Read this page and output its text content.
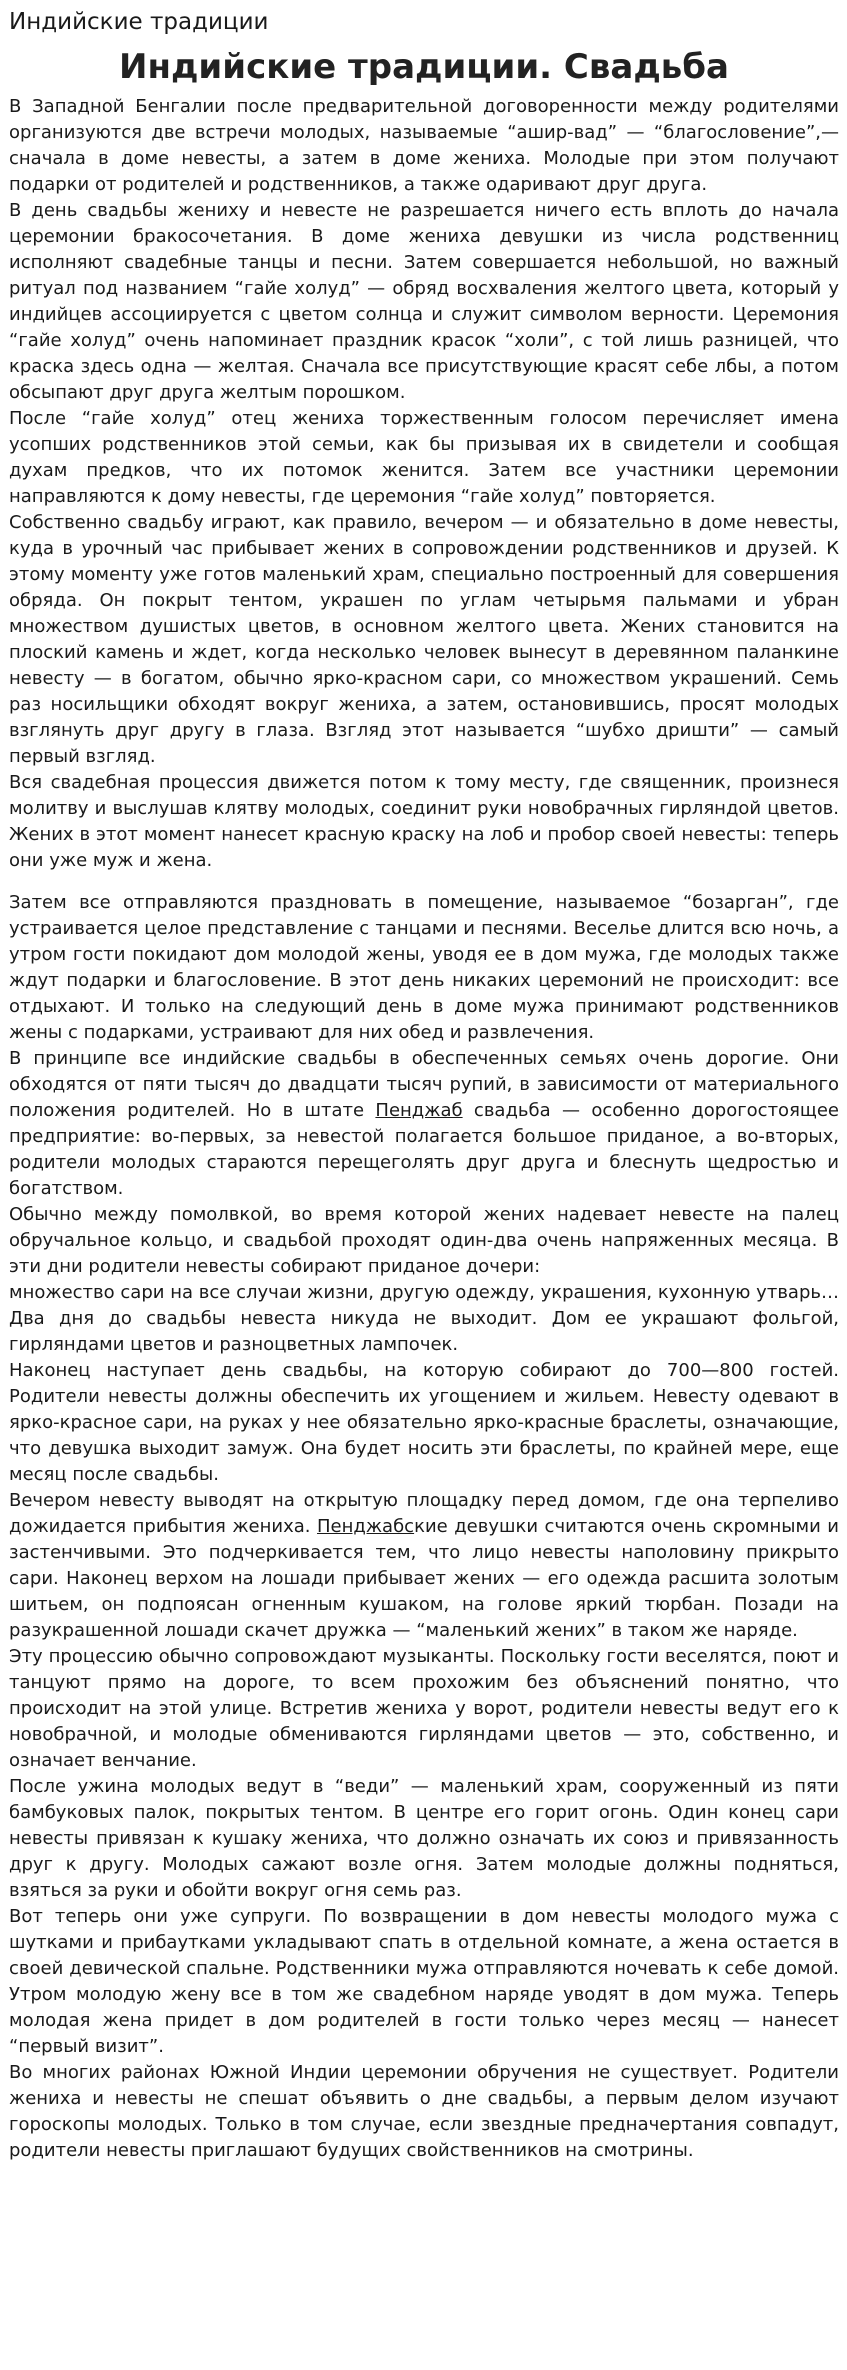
Индийские традиции
Индийские традиции. Свадьба

В Западной Бенгалии после предварительной договоренности между родителями организуются две встречи молодых, называемые “ашир-вад” — “благословение”,—сначала в доме невесты, а затем в доме жениха. Молодые при этом получают подарки от родителей и родственников, а также одаривают друг друга.

В день свадьбы жениху и невесте не разрешается ничего есть вплоть до начала церемонии бракосочетания. В доме жениха девушки из числа родственниц исполняют свадебные танцы и песни. Затем совершается небольшой, но важный ритуал под названием “гайе холуд” — обряд восхваления желтого цвета, который у индийцев ассоциируется с цветом солнца и служит символом верности. Церемония “гайе холуд” очень напоминает праздник красок “холи”, с той лишь разницей, что краска здесь одна — желтая. Сначала все присутствующие красят себе лбы, а потом обсыпают друг друга желтым порошком.

После “гайе холуд” отец жениха торжественным голосом перечисляет имена усопших родственников этой семьи, как бы призывая их в свидетели и сообщая духам предков, что их потомок женится. Затем все участники церемонии направляются к дому невесты, где церемония “гайе холуд” повторяется.

Собственно свадьбу играют, как правило, вечером — и обязательно в доме невесты, куда в урочный час прибывает жених в сопровождении родственников и друзей. К этому моменту уже готов маленький храм, специально построенный для совершения обряда. Он покрыт тентом, украшен по углам четырьмя пальмами и убран множеством душистых цветов, в основном желтого цвета. Жених становится на плоский камень и ждет, когда несколько человек вынесут в деревянном паланкине невесту — в богатом, обычно ярко-красном сари, со множеством украшений. Семь раз носильщики обходят вокруг жениха, а затем, остановившись, просят молодых взглянуть друг другу в глаза. Взгляд этот называется “шубхо дришти” — самый первый взгляд.

Вся свадебная процессия движется потом к тому месту, где священник, произнеся молитву и выслушав клятву молодых, соединит руки новобрачных гирляндой цветов. Жених в этот момент нанесет красную краску на лоб и пробор своей невесты: теперь они уже муж и жена.

Затем все отправляются праздновать в помещение, называемое “бозарган”, где устраивается целое представление с танцами и песнями. Веселье длится всю ночь, а утром гости покидают дом молодой жены, уводя ее в дом мужа, где молодых также ждут подарки и благословение. В этот день никаких церемоний не происходит: все отдыхают. И только на следующий день в доме мужа принимают родственников жены с подарками, устраивают для них обед и развлечения.

В принципе все индийские свадьбы в обеспеченных семьях очень дорогие. Они обходятся от пяти тысяч до двадцати тысяч рупий, в зависимости от материального положения родителей. Но в штате Пенджаб свадьба — особенно дорогостоящее предприятие: во-первых, за невестой полагается большое приданое, а во-вторых, родители молодых стараются перещеголять друг друга и блеснуть щедростью и богатством.

Обычно между помолвкой, во время которой жених надевает невесте на палец обручальное кольцо, и свадьбой проходят один-два очень напряженных месяца. В эти дни родители невесты собирают приданое дочери:

множество сари на все случаи жизни, другую одежду, украшения, кухонную утварь… Два дня до свадьбы невеста никуда не выходит. Дом ее украшают фольгой, гирляндами цветов и разноцветных лампочек.

Наконец наступает день свадьбы, на которую собирают до 700—800 гостей. Родители невесты должны обеспечить их угощением и жильем. Невесту одевают в ярко-красное сари, на руках у нее обязательно ярко-красные браслеты, означающие, что девушка выходит замуж. Она будет носить эти браслеты, по крайней мере, еще месяц после свадьбы.

Вечером невесту выводят на открытую площадку перед домом, где она терпеливо дожидается прибытия жениха. Пенджабские девушки считаются очень скромными и застенчивыми. Это подчеркивается тем, что лицо невесты наполовину прикрыто сари. Наконец верхом на лошади прибывает жених — его одежда расшита золотым шитьем, он подпоясан огненным кушаком, на голове яркий тюрбан. Позади на разукрашенной лошади скачет дружка — “маленький жених” в таком же наряде.

Эту процессию обычно сопровождают музыканты. Поскольку гости веселятся, поют и танцуют прямо на дороге, то всем прохожим без объяснений понятно, что происходит на этой улице. Встретив жениха у ворот, родители невесты ведут его к новобрачной, и молодые обмениваются гирляндами цветов — это, собственно, и означает венчание.

После ужина молодых ведут в “веди” — маленький храм, сооруженный из пяти бамбуковых палок, покрытых тентом. В центре его горит огонь. Один конец сари невесты привязан к кушаку жениха, что должно означать их союз и привязанность друг к другу. Молодых сажают возле огня. Затем молодые должны подняться, взяться за руки и обойти вокруг огня семь раз.

Вот теперь они уже супруги. По возвращении в дом невесты молодого мужа с шутками и прибаутками укладывают спать в отдельной комнате, а жена остается в своей девической спальне. Родственники мужа отправляются ночевать к себе домой. Утром молодую жену все в том же свадебном наряде уводят в дом мужа. Теперь молодая жена придет в дом родителей в гости только через месяц — нанесет “первый визит”.

Во многих районах Южной Индии церемонии обручения не существует. Родители жениха и невесты не спешат объявить о дне свадьбы, а первым делом изучают гороскопы молодых. Только в том случае, если звездные предначертания совпадут, родители невесты приглашают будущих свойственников на смотрины.
